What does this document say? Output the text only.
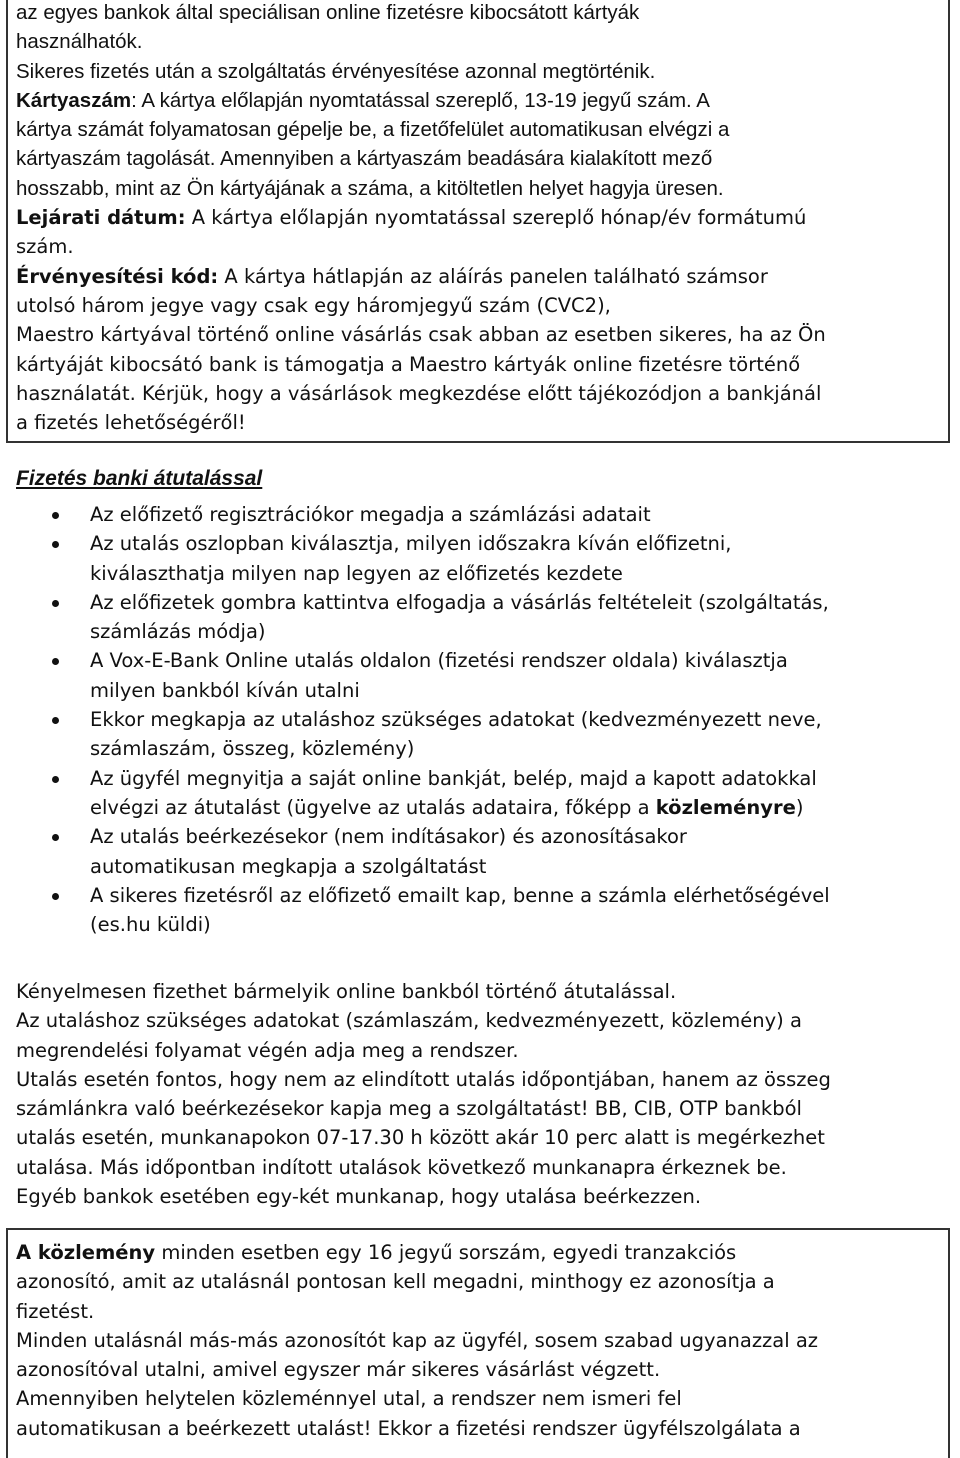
az egyes bankok által speciálisan online fizetésre kibocsátott kártyák

használhatók.

Sikeres fizetés után a szolgáltatás érvényesítése azonnal megtörténik.

Kártyaszám: A kártya előlapján nyomtatással szereplő, 13-19 jegyű szám. A

kártya számát folyamatosan gépelje be, a fizetőfelület automatikusan elvégzi a

kártyaszám tagolását. Amennyiben a kártyaszám beadására kialakított mező

hosszabb, mint az Ön kártyájának a száma, a kitöltetlen helyet hagyja üresen.

Lejárati dátum: A kártya előlapján nyomtatással szereplő hónap/év formátumú

szám.

Érvényesítési kód: A kártya hátlapján az aláírás panelen található számsor

utolsó három jegye vagy csak egy háromjegyű szám (CVC2),

Maestro kártyával történő online vásárlás csak abban az esetben sikeres, ha az Ön

kártyáját kibocsátó bank is támogatja a Maestro kártyák online fizetésre történő

használatát. Kérjük, hogy a vásárlások megkezdése előtt tájékozódjon a bankjánál

a fizetés lehetőségéről!

Fizetés banki átutalással
Az előfizető regisztrációkor megadja a számlázási adatait
Az utalás oszlopban kiválasztja, milyen időszakra kíván előfizetni,
kiválaszthatja milyen nap legyen az előfizetés kezdete
Az előfizetek gombra kattintva elfogadja a vásárlás feltételeit (szolgáltatás,
számlázás módja)
A Vox-E-Bank Online utalás oldalon (fizetési rendszer oldala) kiválasztja
milyen bankból kíván utalni
Ekkor megkapja az utaláshoz szükséges adatokat (kedvezményezett neve,
számlaszám, összeg, közlemény)
Az ügyfél megnyitja a saját online bankját, belép, majd a kapott adatokkal
elvégzi az átutalást (ügyelve az utalás adataira, főképp a közleményre)
Az utalás beérkezésekor (nem indításakor) és azonosításakor
automatikusan megkapja a szolgáltatást
A sikeres fizetésről az előfizető emailt kap, benne a számla elérhetőségével
(es.hu küldi)

Kényelmesen fizethet bármelyik online bankból történő átutalással.

Az utaláshoz szükséges adatokat (számlaszám, kedvezményezett, közlemény) a

megrendelési folyamat végén adja meg a rendszer.

Utalás esetén fontos, hogy nem az elindított utalás időpontjában, hanem az összeg

számlánkra való beérkezésekor kapja meg a szolgáltatást! BB, CIB, OTP bankból

utalás esetén, munkanapokon 07-17.30 h között akár 10 perc alatt is megérkezhet

utalása. Más időpontban indított utalások következő munkanapra érkeznek be.

Egyéb bankok esetében egy-két munkanap, hogy utalása beérkezzen.

A közlemény minden esetben egy 16 jegyű sorszám, egyedi tranzakciós

azonosító, amit az utalásnál pontosan kell megadni, minthogy ez azonosítja a

fizetést.

Minden utalásnál más-más azonosítót kap az ügyfél, sosem szabad ugyanazzal az

azonosítóval utalni, amivel egyszer már sikeres vásárlást végzett.

Amennyiben helytelen közleménnyel utal, a rendszer nem ismeri fel

automatikusan a beérkezett utalást! Ekkor a fizetési rendszer ügyfélszolgálata a
